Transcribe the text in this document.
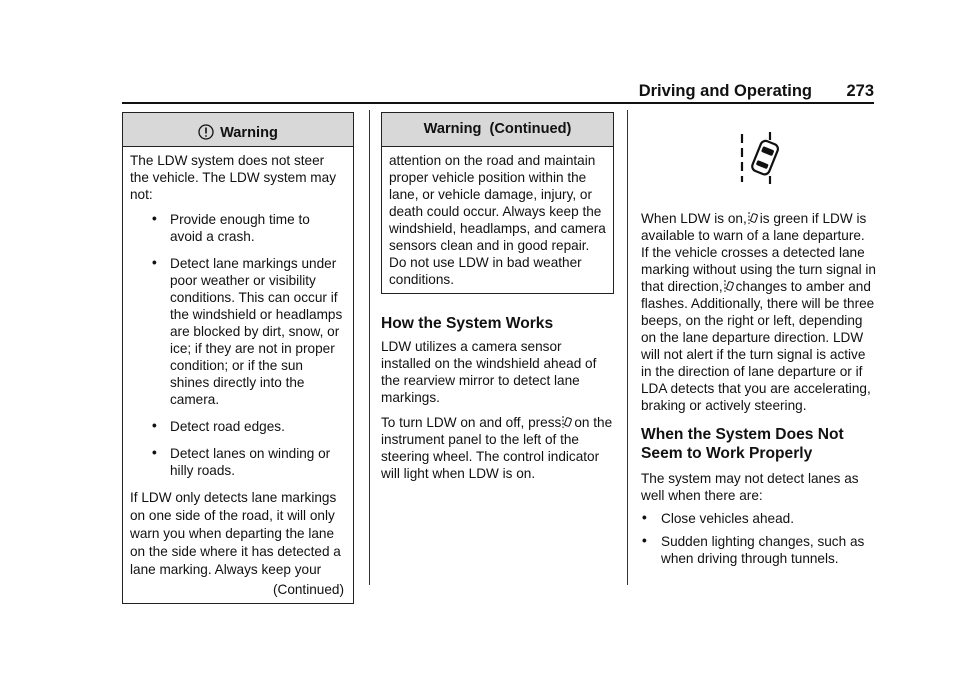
Driving and Operating 273
Warning

The LDW system does not steer the vehicle. The LDW system may not:

• Provide enough time to avoid a crash.
• Detect lane markings under poor weather or visibility conditions. This can occur if the windshield or headlamps are blocked by dirt, snow, or ice; if they are not in proper condition; or if the sun shines directly into the camera.
• Detect road edges.
• Detect lanes on winding or hilly roads.

If LDW only detects lane markings on one side of the road, it will only warn you when departing the lane on the side where it has detected a lane marking. Always keep your

(Continued)

Warning  (Continued)

attention on the road and maintain proper vehicle position within the lane, or vehicle damage, injury, or death could occur. Always keep the windshield, headlamps, and camera sensors clean and in good repair. Do not use LDW in bad weather conditions.

How the System Works

LDW utilizes a camera sensor installed on the windshield ahead of the rearview mirror to detect lane markings.

To turn LDW on and off, press on the instrument panel to the left of the steering wheel. The control indicator will light when LDW is on.

When LDW is on, is green if LDW is available to warn of a lane departure. If the vehicle crosses a detected lane marking without using the turn signal in that direction, changes to amber and flashes. Additionally, there will be three beeps, on the right or left, depending on the lane departure direction. LDW will not alert if the turn signal is active in the direction of lane departure or if LDA detects that you are accelerating, braking or actively steering.

When the System Does Not Seem to Work Properly

The system may not detect lanes as well when there are:

• Close vehicles ahead.
• Sudden lighting changes, such as when driving through tunnels.
